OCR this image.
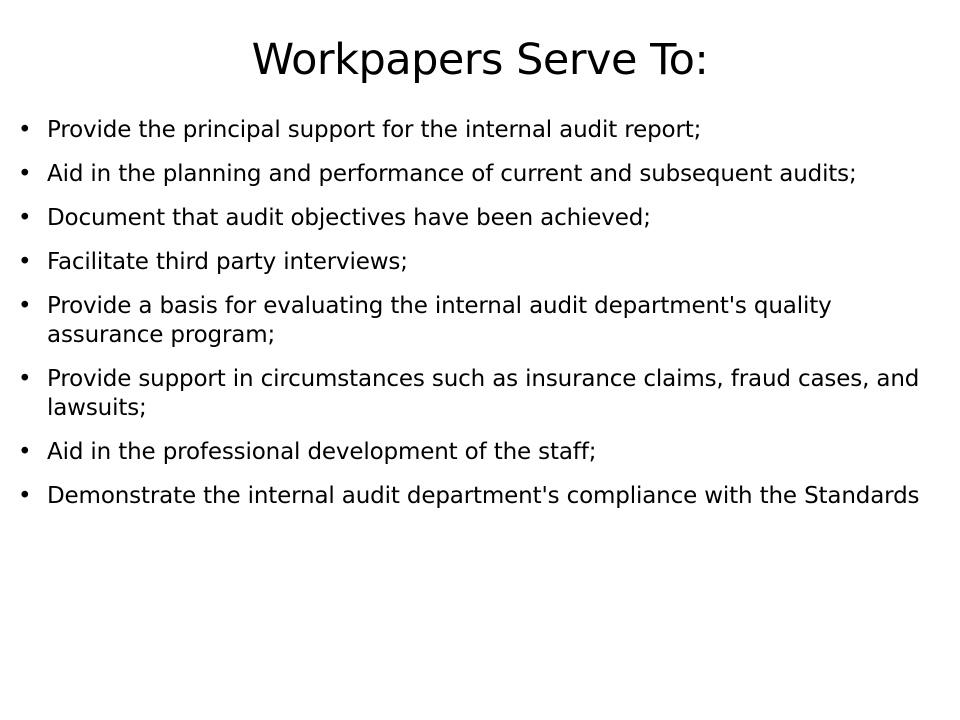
Workpapers Serve To:
• Provide the principal support for the internal audit report;
• Aid in the planning and performance of current and subsequent audits;
• Document that audit objectives have been achieved;
• Facilitate third party interviews;
• Provide a basis for evaluating the internal audit department's quality assurance program;
• Provide support in circumstances such as insurance claims, fraud cases, and lawsuits;
• Aid in the professional development of the staff;
• Demonstrate the internal audit department's compliance with the Standards
